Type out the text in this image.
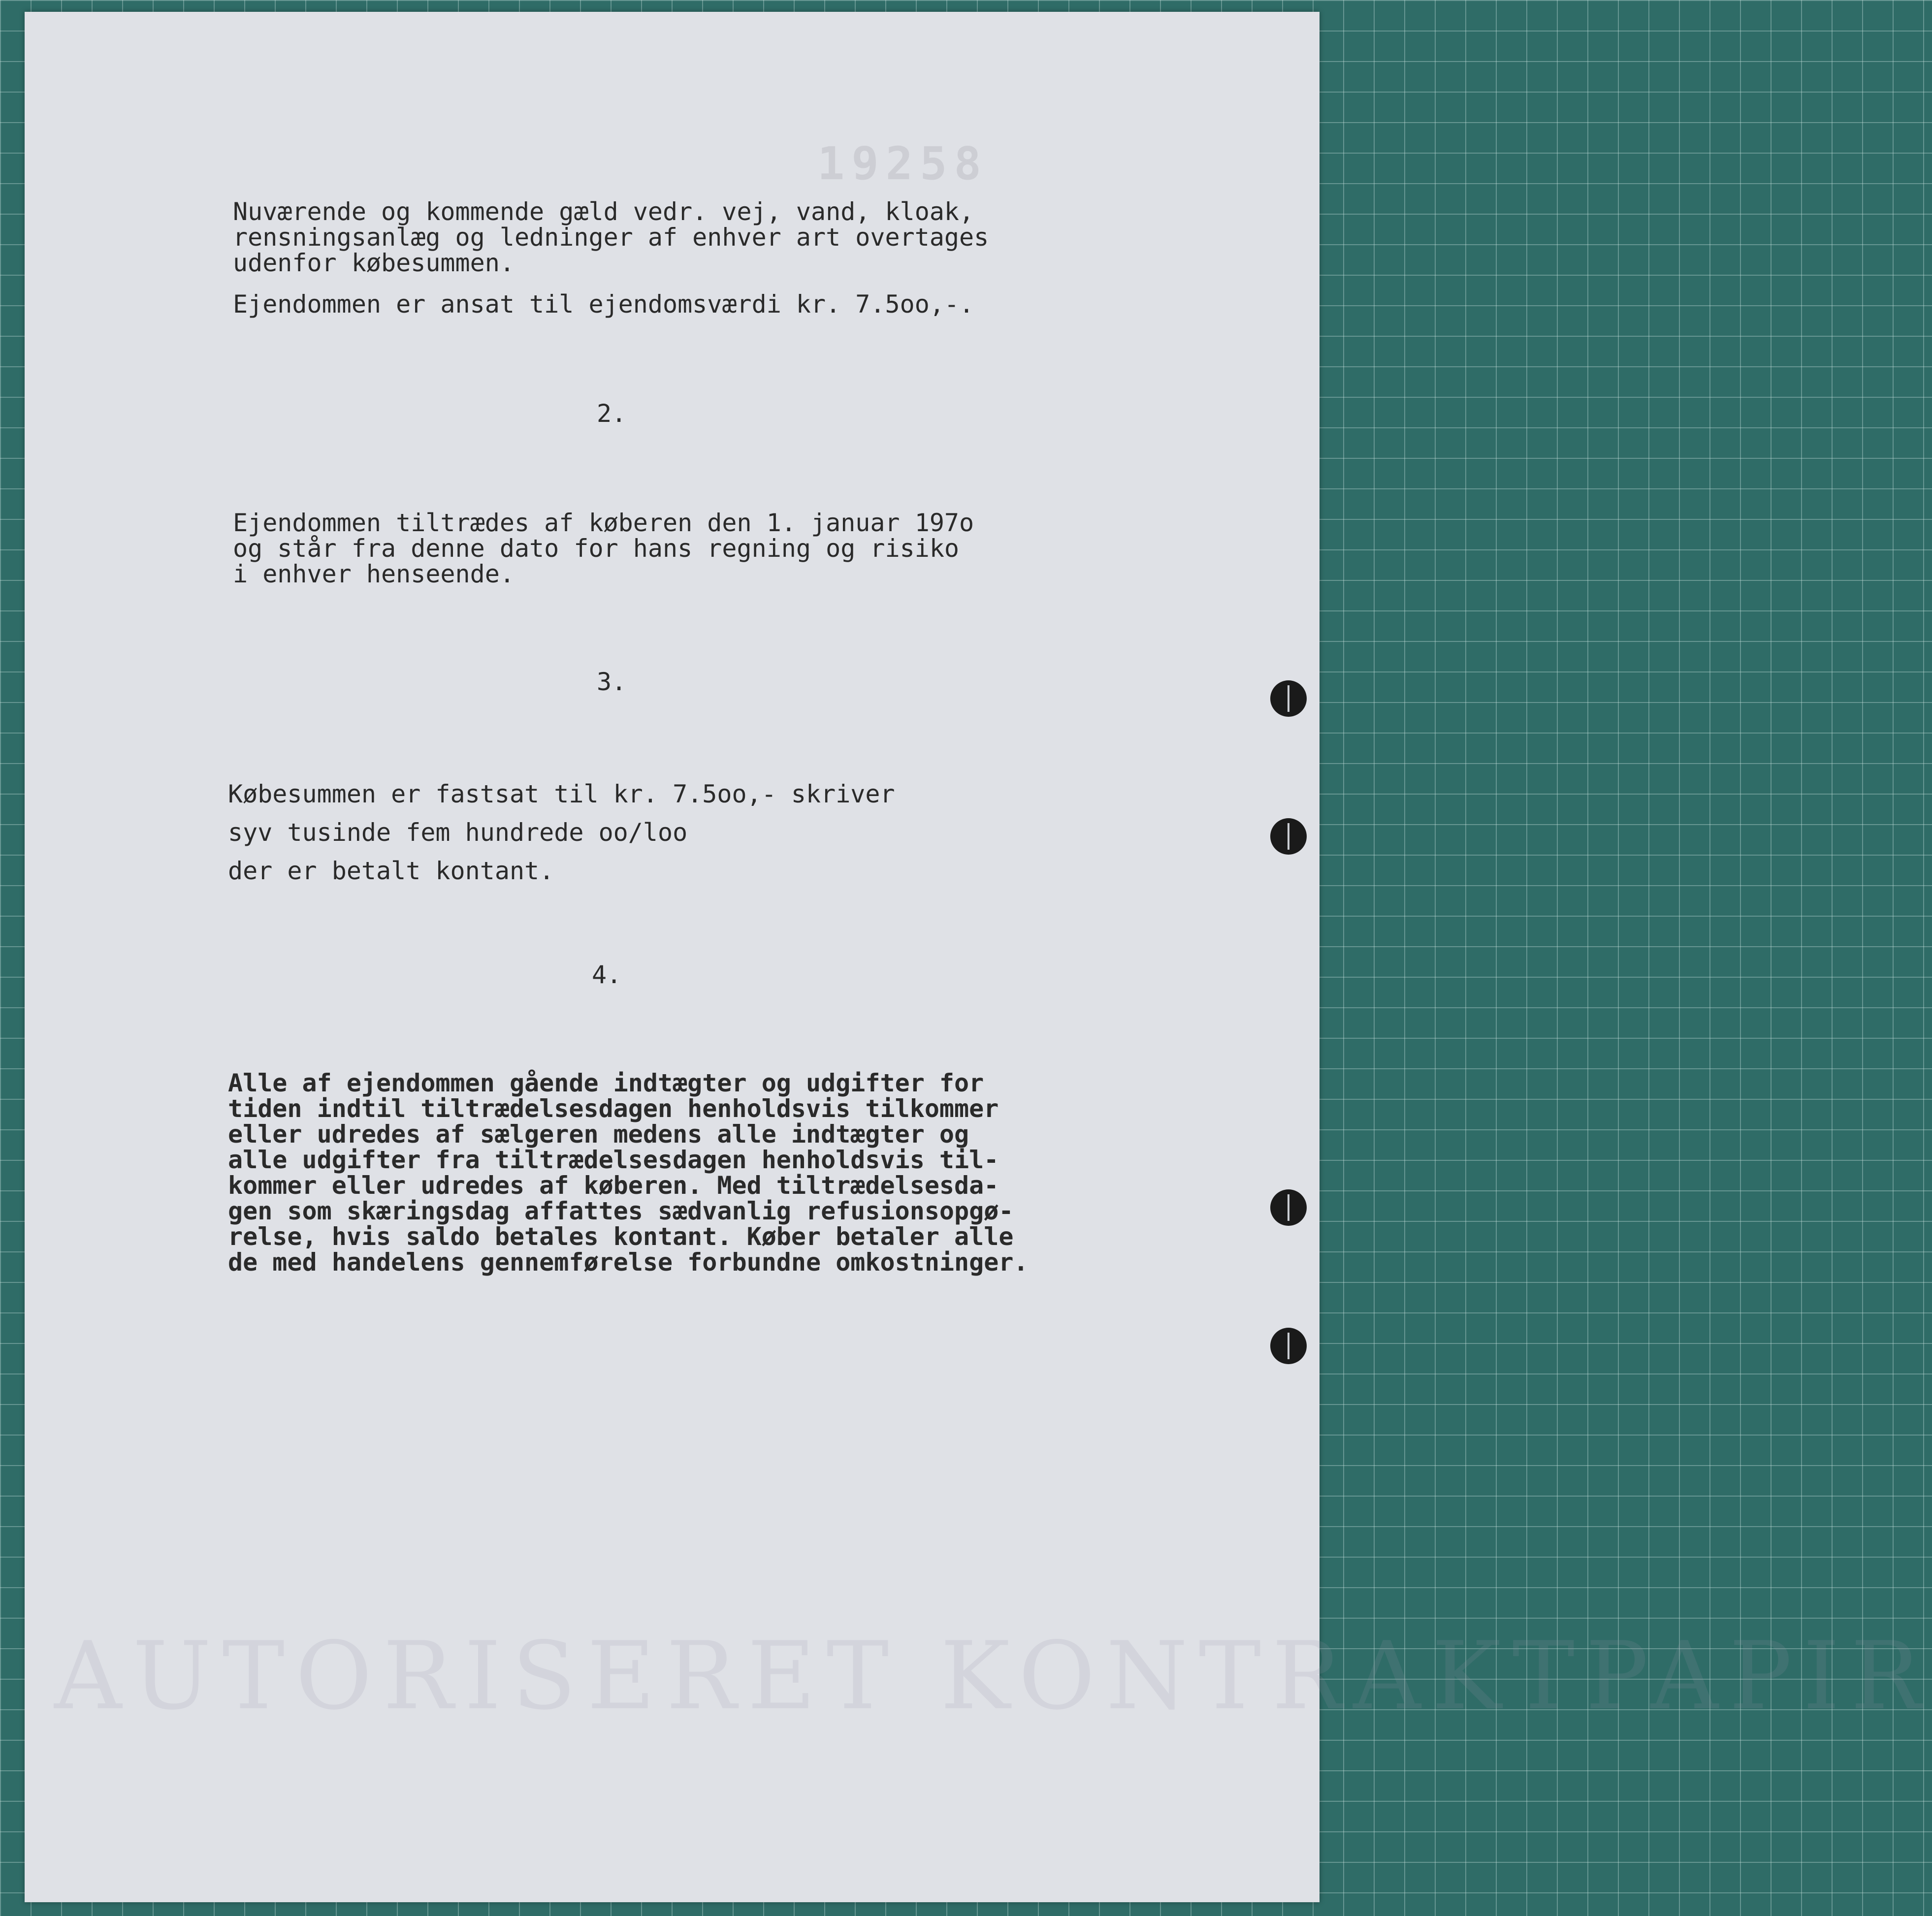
19258
AUTORISERET KONTRAKTPAPIR
Nuværende og kommende gæld vedr. vej, vand, kloak,
rensningsanlæg og ledninger af enhver art overtages
udenfor købesummen.
Ejendommen er ansat til ejendomsværdi kr. 7.5oo,-.
2.
Ejendommen tiltrædes af køberen den 1. januar 197o
og står fra denne dato for hans regning og risiko
i enhver henseende.
3.
Købesummen er fastsat til kr. 7.5oo,- skriver
syv tusinde fem hundrede oo/loo
der er betalt kontant.
4.
Alle af ejendommen gående indtægter og udgifter for
tiden indtil tiltrædelsesdagen henholdsvis tilkommer
eller udredes af sælgeren medens alle indtægter og
alle udgifter fra tiltrædelsesdagen henholdsvis til-
kommer eller udredes af køberen. Med tiltrædelsesda-
gen som skæringsdag affattes sædvanlig refusionsopgø-
relse, hvis saldo betales kontant. Køber betaler alle
de med handelens gennemførelse forbundne omkostninger.
